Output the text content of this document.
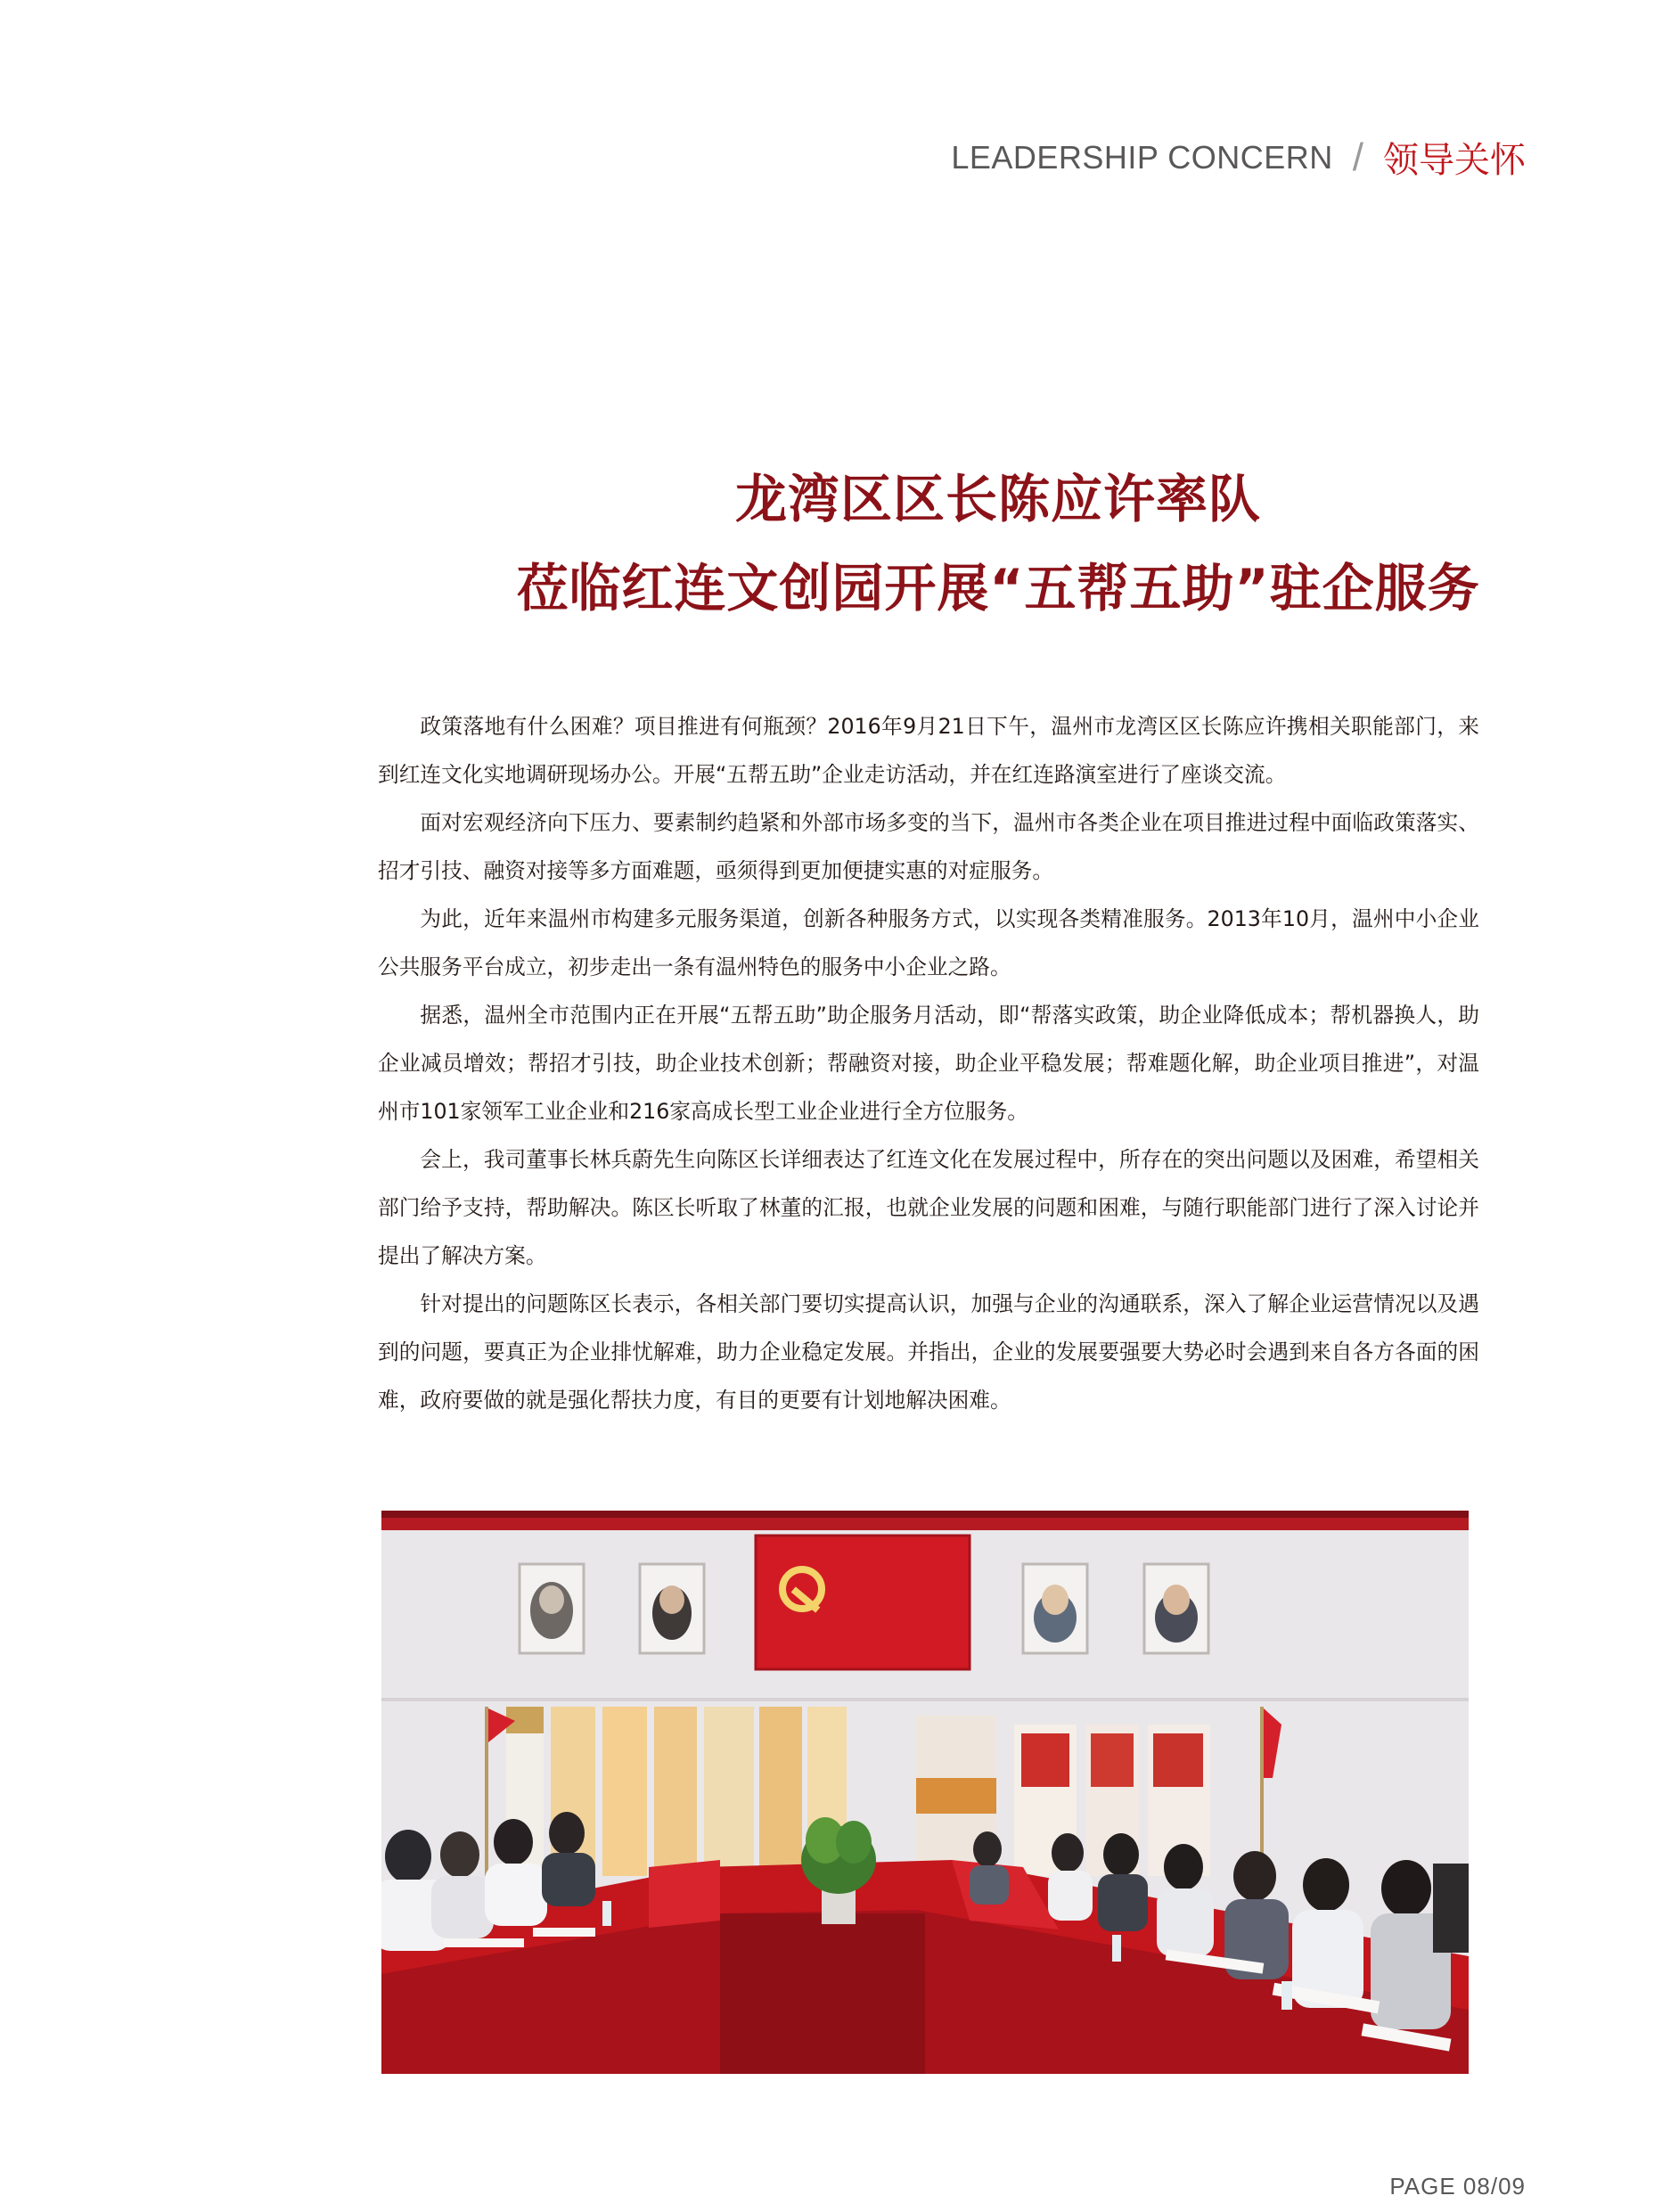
LEADERSHIP CONCERN / 领导关怀
龙湾区区长陈应许率队
莅临红连文创园开展“五帮五助”驻企服务

政策落地有什么困难？项目推进有何瓶颈？2016年9月21日下午，温州市龙湾区区长陈应许携相关职能部门，来到红连文化实地调研现场办公。开展“五帮五助”企业走访活动，并在红连路演室进行了座谈交流。

面对宏观经济向下压力、要素制约趋紧和外部市场多变的当下，温州市各类企业在项目推进过程中面临政策落实、招才引技、融资对接等多方面难题，亟须得到更加便捷实惠的对症服务。

为此，近年来温州市构建多元服务渠道，创新各种服务方式，以实现各类精准服务。2013年10月，温州中小企业公共服务平台成立，初步走出一条有温州特色的服务中小企业之路。

据悉，温州全市范围内正在开展“五帮五助”助企服务月活动，即“帮落实政策，助企业降低成本；帮机器换人，助企业减员增效；帮招才引技，助企业技术创新；帮融资对接，助企业平稳发展；帮难题化解，助企业项目推进”，对温州市101家领军工业企业和216家高成长型工业企业进行全方位服务。

会上，我司董事长林兵蔚先生向陈区长详细表达了红连文化在发展过程中，所存在的突出问题以及困难，希望相关部门给予支持，帮助解决。陈区长听取了林董的汇报，也就企业发展的问题和困难，与随行职能部门进行了深入讨论并提出了解决方案。

针对提出的问题陈区长表示，各相关部门要切实提高认识，加强与企业的沟通联系，深入了解企业运营情况以及遇到的问题，要真正为企业排忧解难，助力企业稳定发展。并指出，企业的发展要强要大势必时会遇到来自各方各面的困难，政府要做的就是强化帮扶力度，有目的更要有计划地解决困难。

PAGE 08/09
